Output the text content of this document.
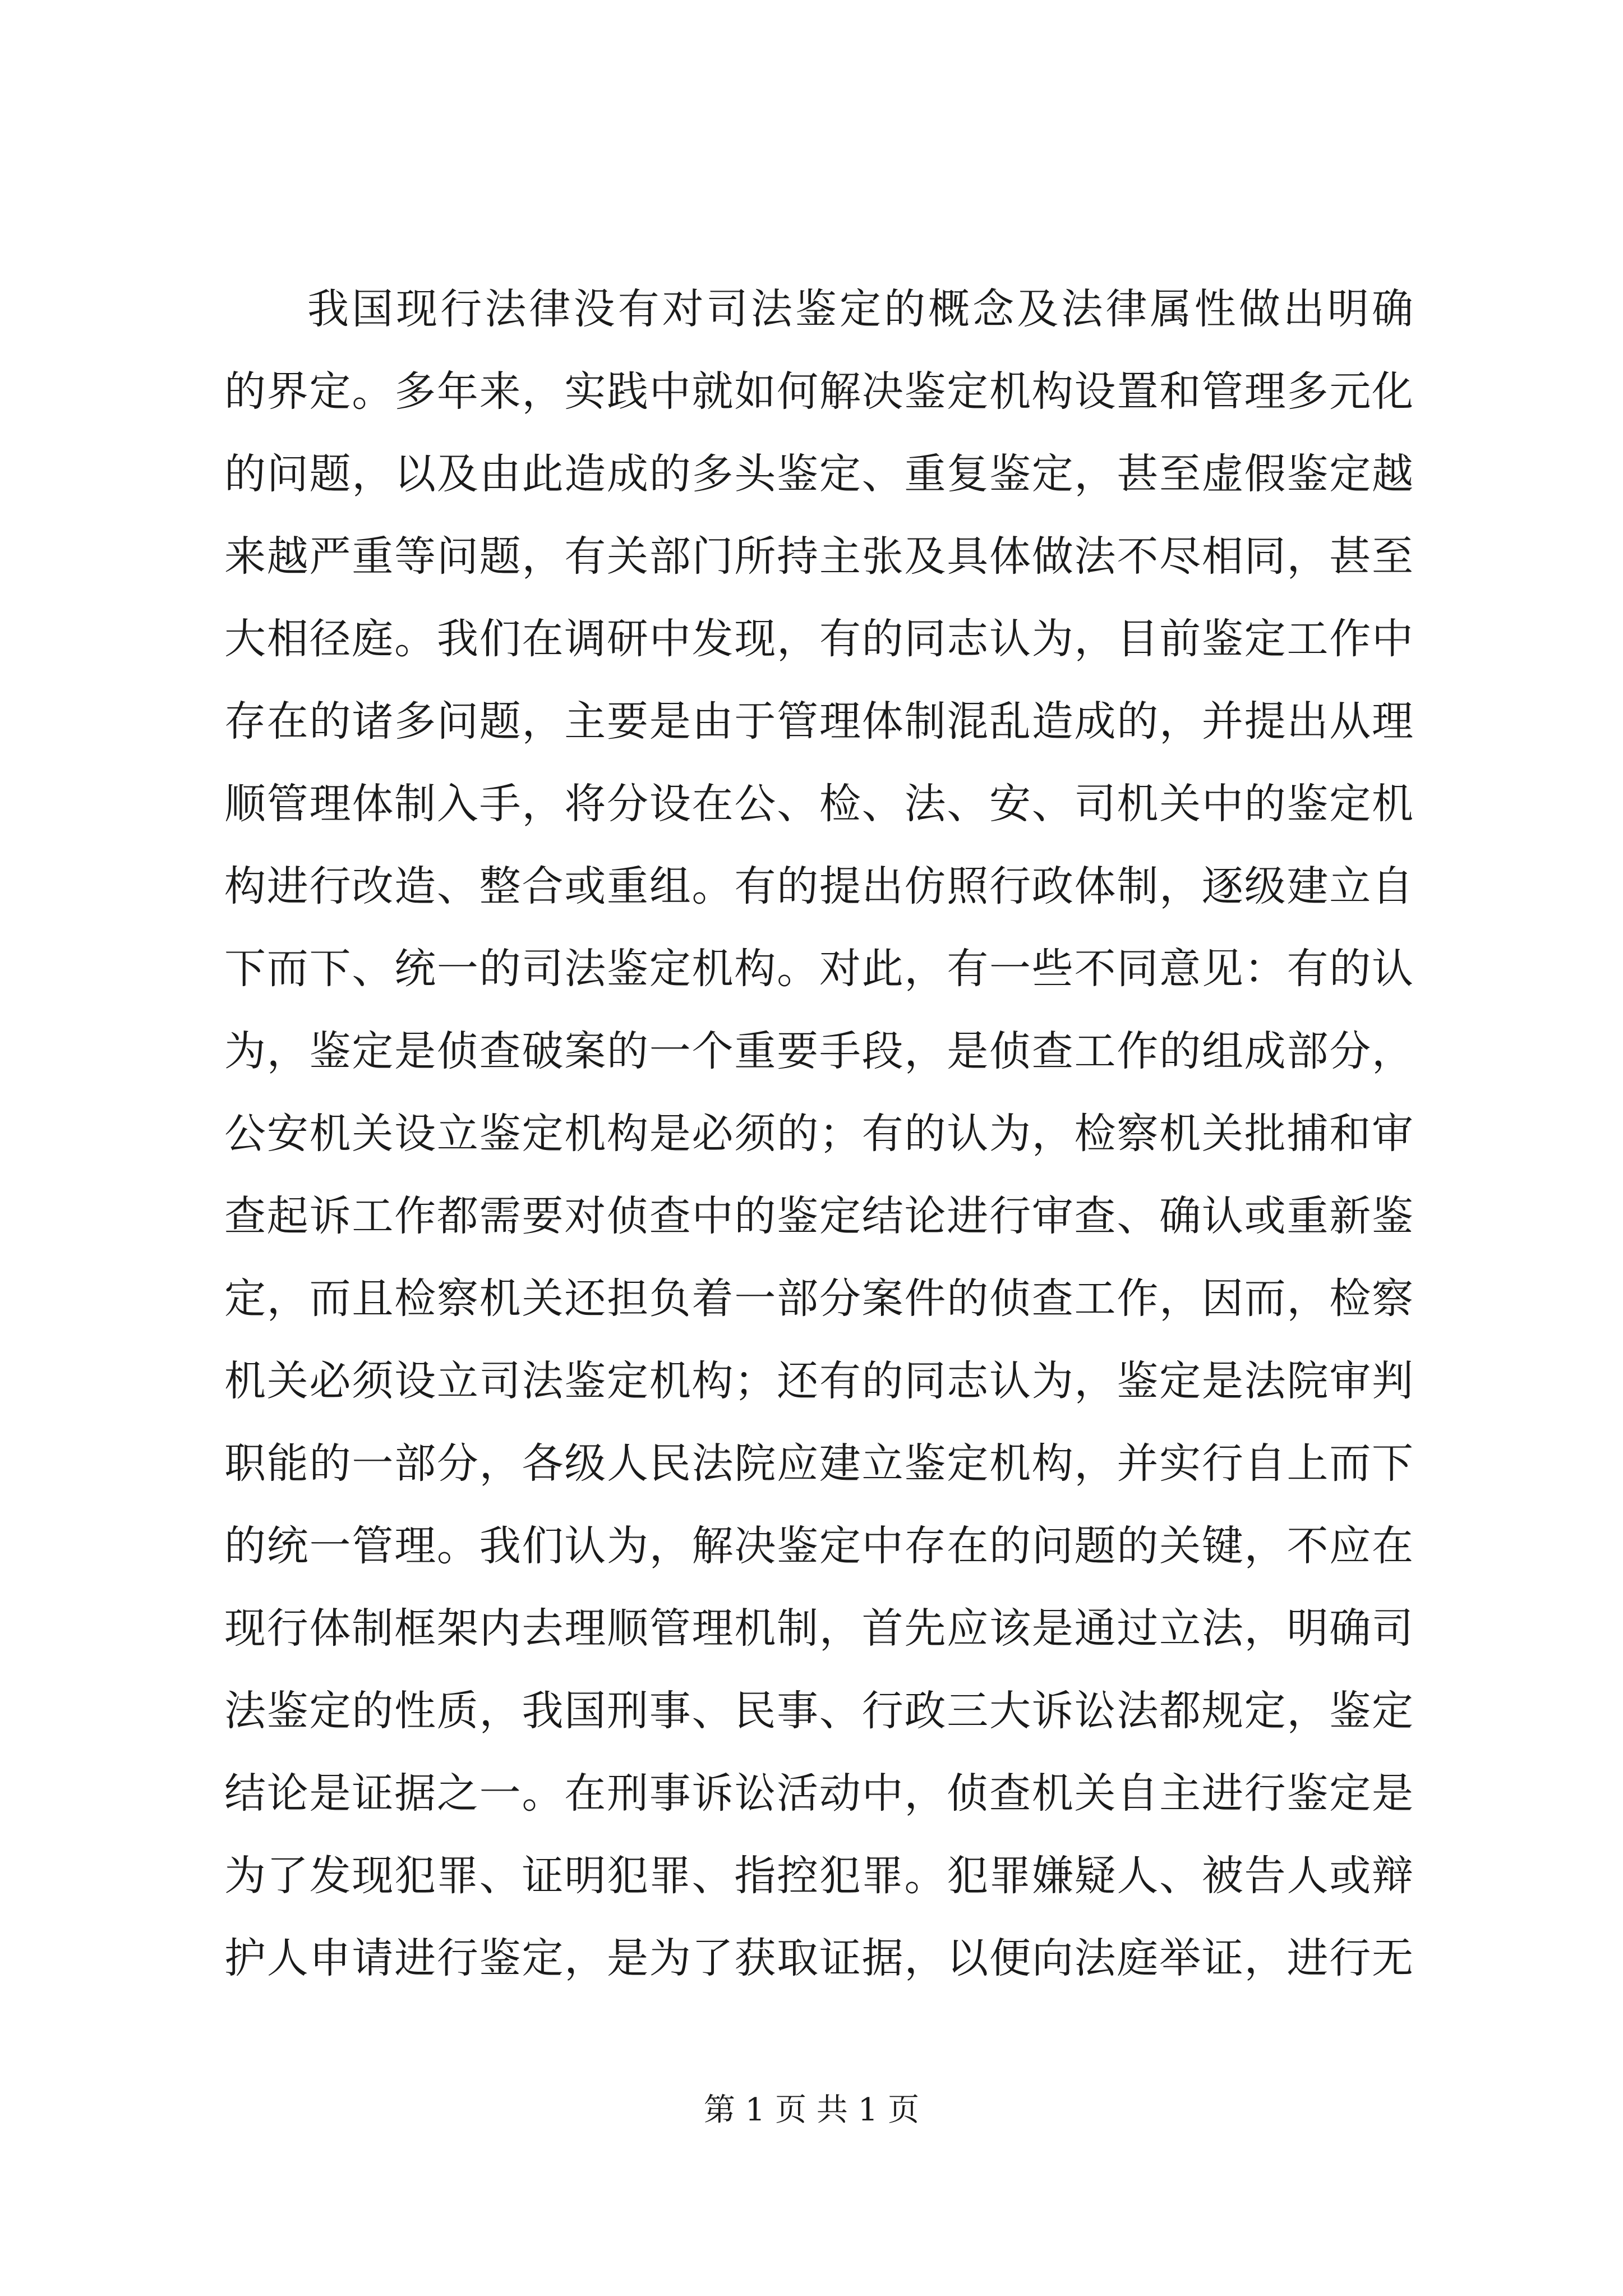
我国现行法律没有对司法鉴定的概念及法律属性做出明确
的界定。多年来，实践中就如何解决鉴定机构设置和管理多元化
的问题，以及由此造成的多头鉴定、重复鉴定，甚至虚假鉴定越
来越严重等问题，有关部门所持主张及具体做法不尽相同，甚至
大相径庭。我们在调研中发现，有的同志认为，目前鉴定工作中
存在的诸多问题，主要是由于管理体制混乱造成的，并提出从理
顺管理体制入手，将分设在公、检、法、安、司机关中的鉴定机
构进行改造、整合或重组。有的提出仿照行政体制，逐级建立自
下而下、统一的司法鉴定机构。对此，有一些不同意见：有的认
为，鉴定是侦查破案的一个重要手段，是侦查工作的组成部分，
公安机关设立鉴定机构是必须的；有的认为，检察机关批捕和审
查起诉工作都需要对侦查中的鉴定结论进行审查、确认或重新鉴
定，而且检察机关还担负着一部分案件的侦查工作，因而，检察
机关必须设立司法鉴定机构；还有的同志认为，鉴定是法院审判
职能的一部分，各级人民法院应建立鉴定机构，并实行自上而下
的统一管理。我们认为，解决鉴定中存在的问题的关键，不应在
现行体制框架内去理顺管理机制，首先应该是通过立法，明确司
法鉴定的性质，我国刑事、民事、行政三大诉讼法都规定，鉴定
结论是证据之一。在刑事诉讼活动中，侦查机关自主进行鉴定是
为了发现犯罪、证明犯罪、指控犯罪。犯罪嫌疑人、被告人或辩
护人申请进行鉴定，是为了获取证据，以便向法庭举证，进行无
第 1 页 共 1 页
